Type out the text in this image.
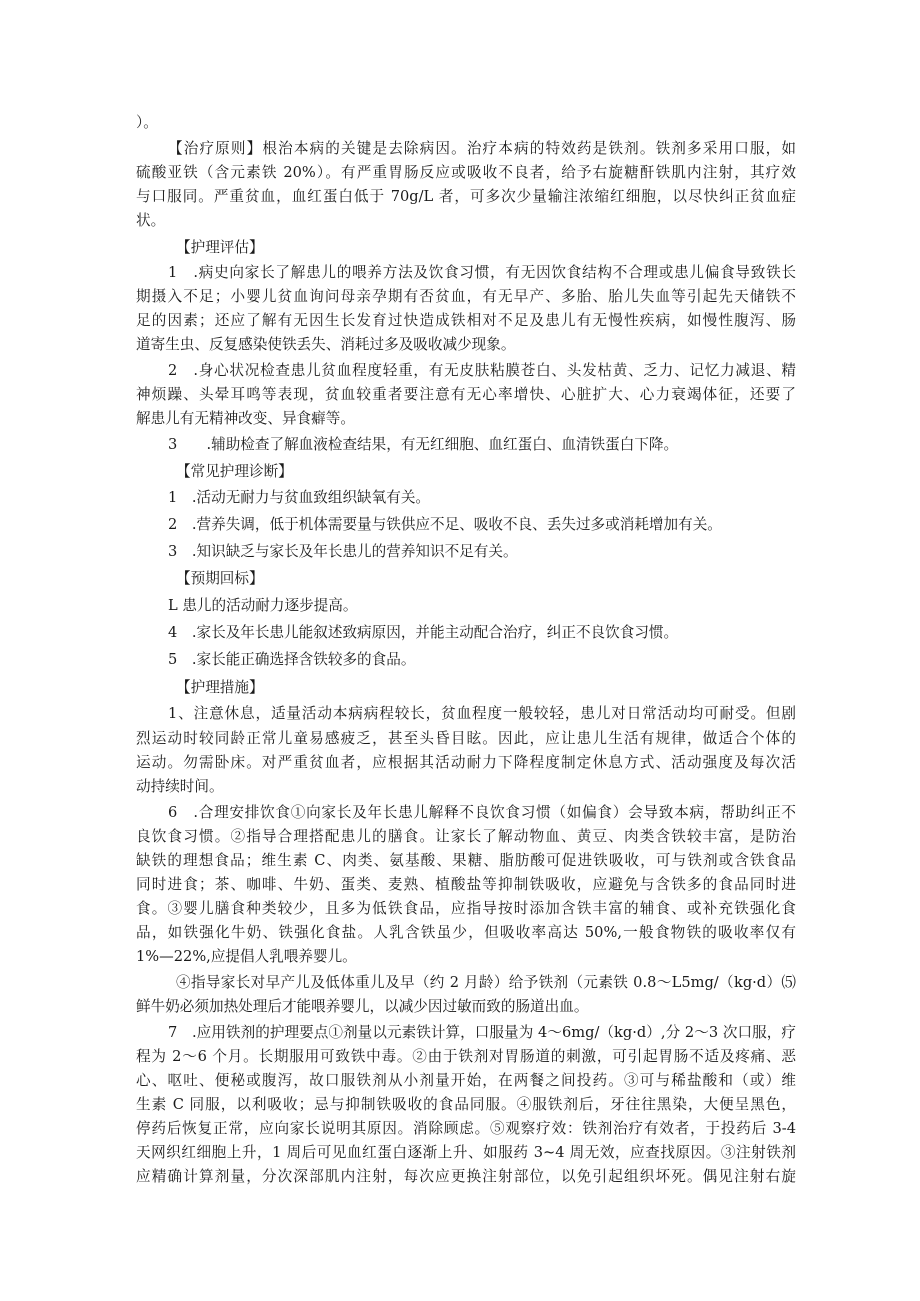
）。
【治疗原则】根治本病的关键是去除病因。治疗本病的特效药是铁剂。铁剂多采用口服，如
硫酸亚铁（含元素铁 20%）。有严重胃肠反应或吸收不良者，给予右旋糖酐铁肌内注射，其疗效
与口服同。严重贫血，血红蛋白低于 70g/L 者，可多次少量输注浓缩红细胞，以尽快纠正贫血症
状。
【护理评估】
1　.病史向家长了解患儿的喂养方法及饮食习惯，有无因饮食结构不合理或患儿偏食导致铁长
期摄入不足；小婴儿贫血询问母亲孕期有否贫血，有无早产、多胎、胎儿失血等引起先天储铁不
足的因素；还应了解有无因生长发育过快造成铁相对不足及患儿有无慢性疾病，如慢性腹泻、肠
道寄生虫、反复感染使铁丢失、消耗过多及吸收减少现象。
2　.身心状况检查患儿贫血程度轻重，有无皮肤粘膜苍白、头发枯黄、乏力、记忆力减退、精
神烦躁、头晕耳鸣等表现，贫血较重者要注意有无心率增快、心脏扩大、心力衰竭体征，还要了
解患儿有无精神改变、异食癖等。
3　　.辅助检查了解血液检查结果，有无红细胞、血红蛋白、血清铁蛋白下降。
【常见护理诊断】
1　.活动无耐力与贫血致组织缺氧有关。
2　.营养失调，低于机体需要量与铁供应不足、吸收不良、丢失过多或消耗增加有关。
3　.知识缺乏与家长及年长患儿的营养知识不足有关。
【预期回标】
L 患儿的活动耐力逐步提高。
4　.家长及年长患儿能叙述致病原因，并能主动配合治疗，纠正不良饮食习惯。
5　.家长能正确选择含铁较多的食品。
【护理措施】
1、注意休息，适量活动本病病程较长，贫血程度一般较轻，患儿对日常活动均可耐受。但剧
烈运动时较同龄正常儿童易感疲乏，甚至头昏目眩。因此，应让患儿生活有规律，做适合个体的
运动。勿需卧床。对严重贫血者，应根据其活动耐力下降程度制定休息方式、活动强度及每次活
动持续时间。
6　.合理安排饮食①向家长及年长患儿解释不良饮食习惯（如偏食）会导致本病，帮助纠正不
良饮食习惯。②指导合理搭配患儿的膳食。让家长了解动物血、黄豆、肉类含铁较丰富，是防治
缺铁的理想食品；维生素 C、肉类、氨基酸、果糖、脂肪酸可促进铁吸收，可与铁剂或含铁食品
同时进食；茶、咖啡、牛奶、蛋类、麦熟、植酸盐等抑制铁吸收，应避免与含铁多的食品同时进
食。③婴儿膳食种类较少，且多为低铁食品，应指导按时添加含铁丰富的辅食、或补充铁强化食
品，如铁强化牛奶、铁强化食盐。人乳含铁虽少，但吸收率高达 50%,一般食物铁的吸收率仅有
1%—22%,应提倡人乳喂养婴儿。
④指导家长对早产儿及低体重儿及早（约 2 月龄）给予铁剂（元素铁 0.8～L5mg/（kg·d）⑸
鲜牛奶必须加热处理后才能喂养婴儿，以减少因过敏而致的肠道出血。
7　.应用铁剂的护理要点①剂量以元素铁计算，口服量为 4～6mg/（kg·d）,分 2～3 次口服，疗
程为 2～6 个月。长期服用可致铁中毒。②由于铁剂对胃肠道的刺激，可引起胃肠不适及疼痛、恶
心、呕吐、便秘或腹泻，故口服铁剂从小剂量开始，在两餐之间投药。③可与稀盐酸和（或）维
生素 C 同服，以利吸收；忌与抑制铁吸收的食品同服。④服铁剂后，牙往往黑染，大便呈黑色，
停药后恢复正常，应向家长说明其原因。消除顾虑。⑤观察疗效：铁剂治疗有效者，于投药后 3-4
天网织红细胞上升，1 周后可见血红蛋白逐渐上升、如服药 3~4 周无效，应查找原因。③注射铁剂
应精确计算剂量，分次深部肌内注射，每次应更换注射部位，以免引起组织坏死。偶见注射右旋
